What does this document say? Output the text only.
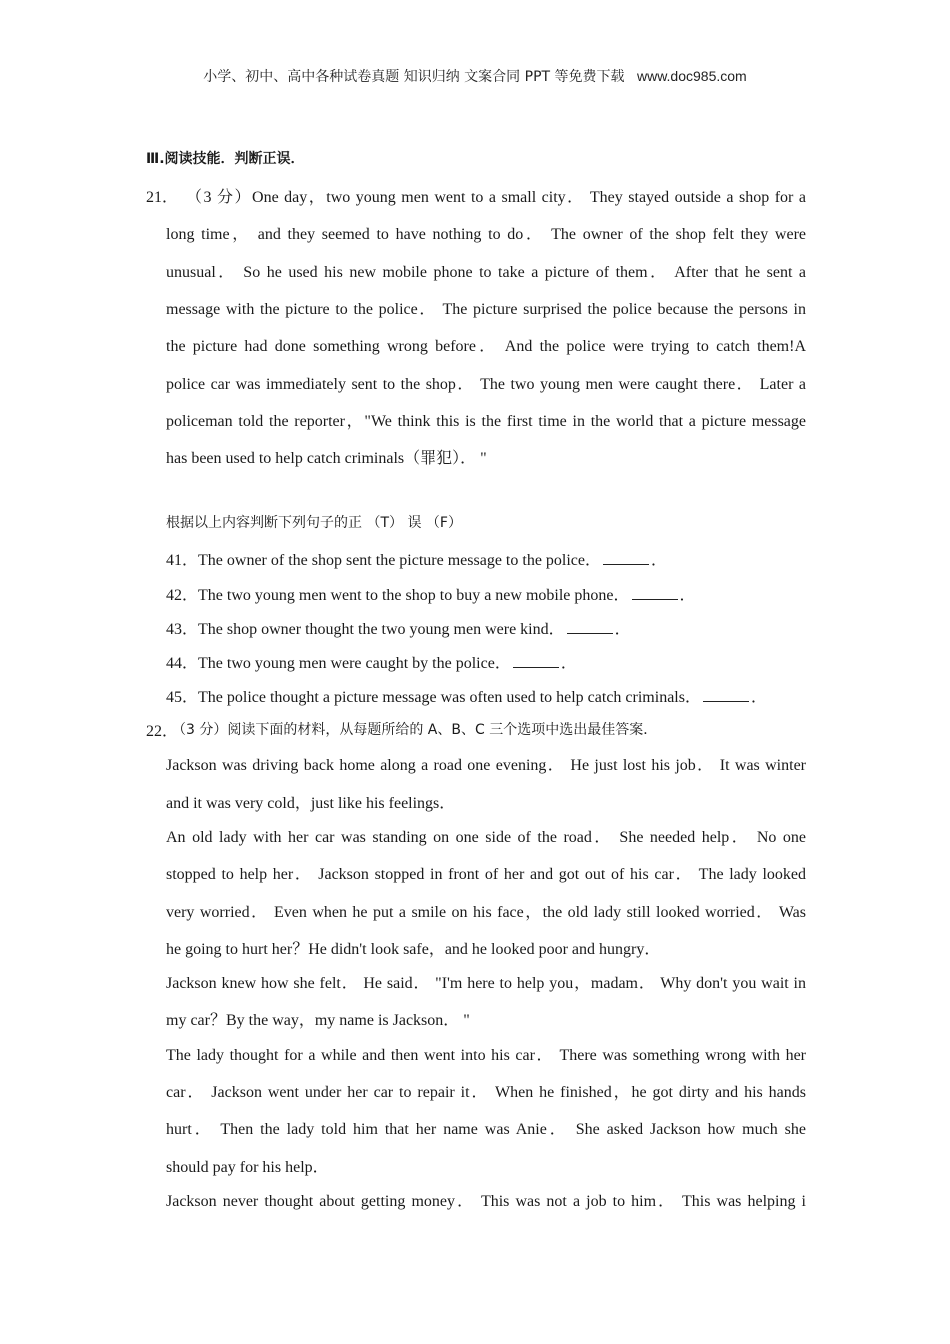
小学、初中、高中各种试卷真题 知识归纳 文案合同 PPT 等免费下载 www.doc985.com
Ⅲ.阅读技能．判断正误．
21． （3 分）One day，two young men went to a small city． They stayed outside a shop for a
long time， and they seemed to have nothing to do． The owner of the shop felt they were
unusual． So he used his new mobile phone to take a picture of them． After that he sent a
message with the picture to the police． The picture surprised the police because the persons in
the picture had done something wrong before． And the police were trying to catch them!A
police car was immediately sent to the shop． The two young men were caught there． Later a
policeman told the reporter，"We think this is the first time in the world that a picture message
has been used to help catch criminals（罪犯）． "
根据以上内容判断下列句子的正 （T） 误 （F）
41．The owner of the shop sent the picture message to the police．	．
42．The two young men went to the shop to buy a new mobile phone．	．
43．The shop owner thought the two young men were kind．	．
44．The two young men were caught by the police．	．
45．The police thought a picture message was often used to help catch criminals．	．
22．
（3 分）阅读下面的材料，从每题所给的 A、B、C 三个选项中选出最佳答案．
Jackson was driving back home along a road one evening． He just lost his job． It was winter
and it was very cold，just like his feelings．
An old lady with her car was standing on one side of the road． She needed help． No one
stopped to help her． Jackson stopped in front of her and got out of his car． The lady looked
very worried． Even when he put a smile on his face，the old lady still looked worried． Was
he going to hurt her？He didn't look safe，and he looked poor and hungry．
Jackson knew how she felt． He said． "I'm here to help you，madam． Why don't you wait in
my car？By the way，my name is Jackson． "
The lady thought for a while and then went into his car． There was something wrong with her
car． Jackson went under her car to repair it． When he finished，he got dirty and his hands
hurt． Then the lady told him that her name was Anie． She asked Jackson how much she
should pay for his help．
Jackson never thought about getting money． This was not a job to him． This was helping i
